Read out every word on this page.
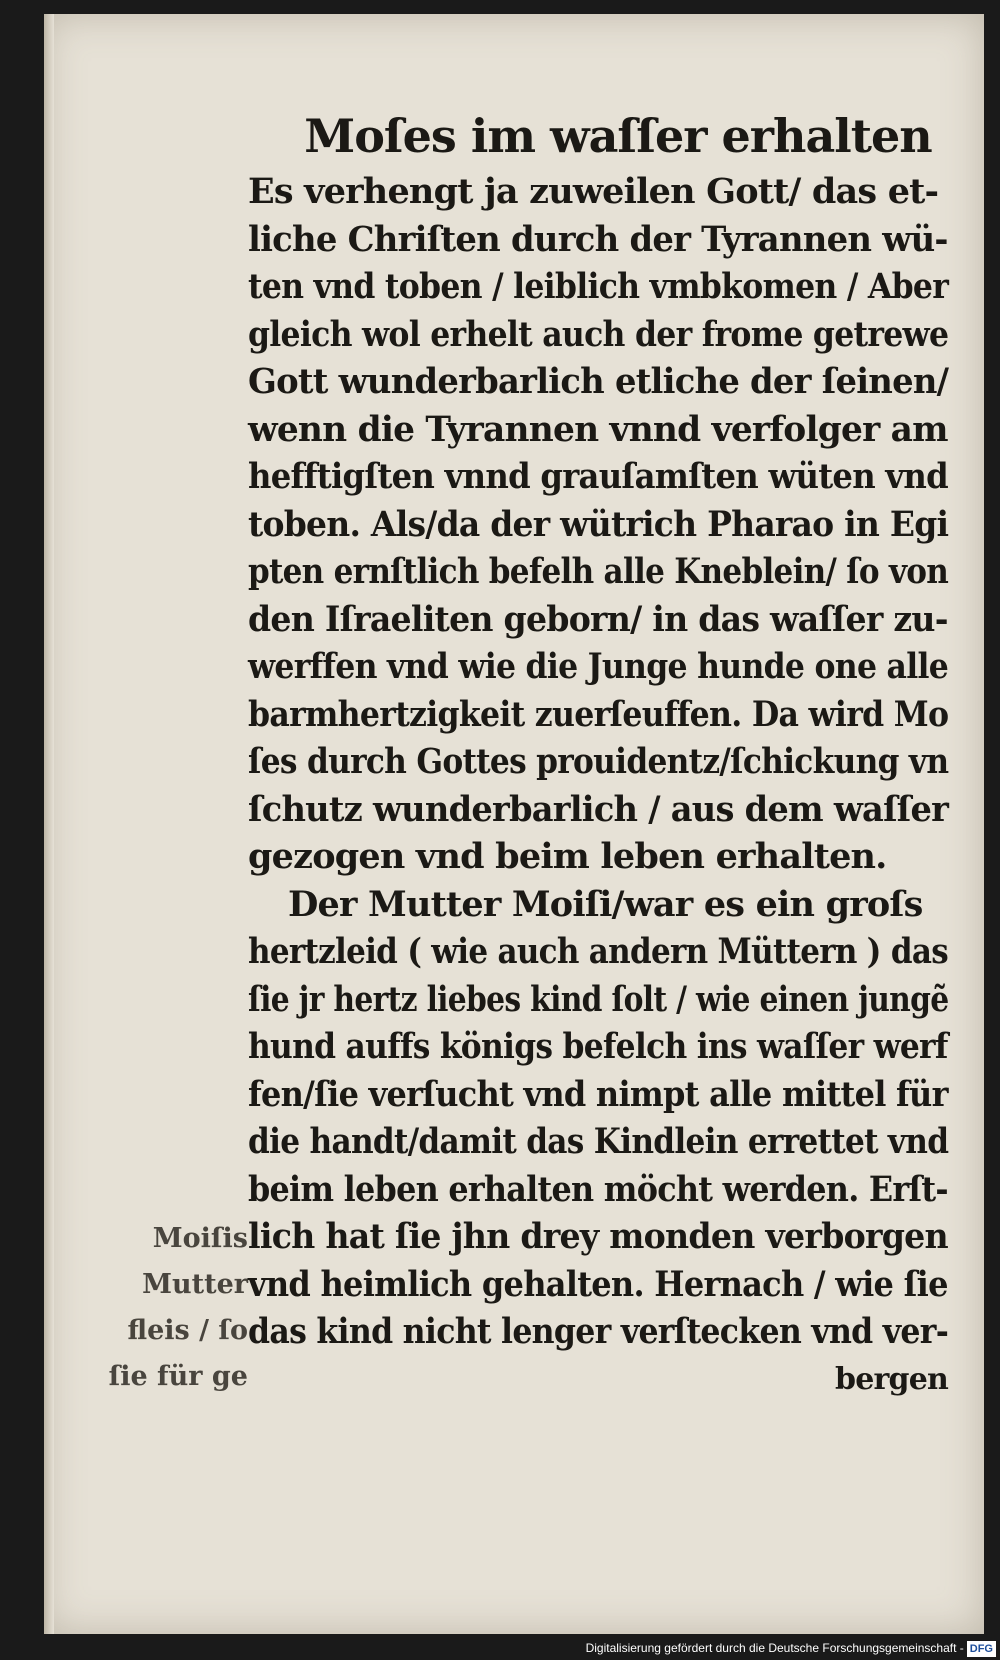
Moſes im waſſer erhalten
Es verhengt ja zuweilen Gott/ das et-
liche Chriſten durch der Tyrannen wü-
ten vnd toben / leiblich vmbkomen / Aber
gleich wol erhelt auch der frome getrewe
Gott wunderbarlich etliche der ſeinen/
wenn die Tyrannen vnnd verfolger am
hefftigſten vnnd grauſamſten wüten vnd
toben. Als/da der wütrich Pharao in Egi
pten ernſtlich befelh alle Kneblein/ ſo von
den Iſraeliten geborn/ in das waſſer zu-
werffen vnd wie die Junge hunde one alle
barmhertzigkeit zuerſeuffen. Da wird Mo
ſes durch Gottes prouidentz/ſchickung vn
ſchutz wunderbarlich / aus dem waſſer
gezogen vnd beim leben erhalten.
Der Mutter Moiſi/war es ein groſs
hertzleid ( wie auch andern Müttern ) das
ſie jr hertz liebes kind ſolt / wie einen jungẽ
hund auffs königs befelch ins waſſer werf
fen/ſie verſucht vnd nimpt alle mittel für
die handt/damit das Kindlein errettet vnd
beim leben erhalten möcht werden. Erſt-
lich hat ſie jhn drey monden verborgen
vnd heimlich gehalten. Hernach / wie ſie
das kind nicht lenger verſtecken vnd ver-
bergen
Moiſis
Mutter
fleis / ſo
ſie für ge
Digitalisierung gefördert durch die Deutsche Forschungsgemeinschaft - DFG
